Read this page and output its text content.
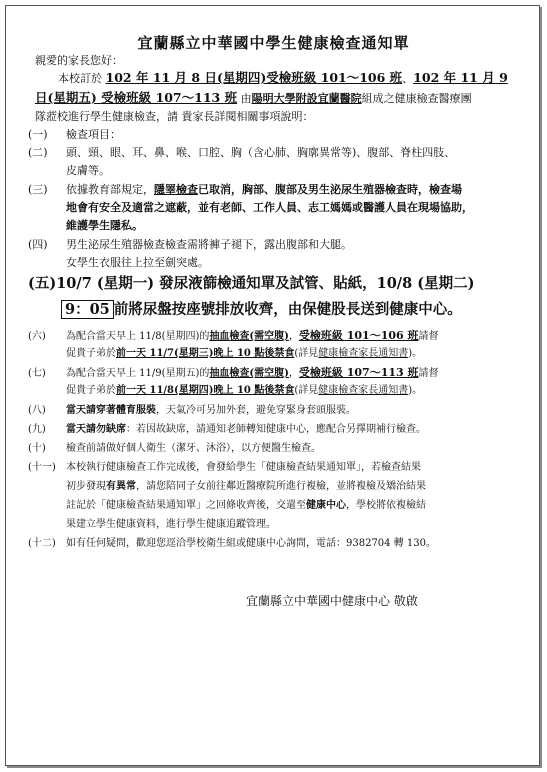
宜蘭縣立中華國中學生健康檢查通知單
親愛的家長您好：
本校訂於 102 年 11 月 8 日(星期四)受檢班級 101～106 班、102 年 11 月 9
日(星期五) 受檢班級 107～113 班 由陽明大學附設宜蘭醫院組成之健康檢查醫療團
隊蒞校進行學生健康檢查，請 貴家長詳閱相關事項說明：
(一) 檢查項目：
(二) 頭、頸、眼、耳、鼻、喉、口腔、胸（含心肺、胸廓異常等)、腹部、脊柱四肢、
皮膚等。
(三) 依據教育部規定，隱睪檢查已取消，胸部、腹部及男生泌尿生殖器檢查時，檢查場
地會有安全及適當之遮蔽，並有老師、工作人員、志工媽媽或醫護人員在現場協助，
維護學生隱私。
(四) 男生泌尿生殖器檢查檢查需將褲子褪下，露出腹部和大腿。
女學生衣服往上拉至劍突處。
(五)10/7 (星期一) 發尿液篩檢通知單及試管、貼紙，10/8 (星期二)
9：05 前將尿盤按座號排放收齊，由保健股長送到健康中心。
(六) 為配合當天早上 11/8(星期四)的抽血檢查(需空腹)，受檢班級 101～106 班請督
促貴子弟於前一天 11/7(星期三)晚上 10 點後禁食(詳見健康檢查家長通知書)。
(七) 為配合當天早上 11/9(星期五)的抽血檢查(需空腹)，受檢班級 107～113 班請督
促貴子弟於前一天 11/8(星期四)晚上 10 點後禁食(詳見健康檢查家長通知書)。
(八) 當天請穿著體育服裝，天氣冷可另加外套，避免穿緊身套頭服裝。
(九) 當天請勿缺席：若因故缺席，請通知老師轉知健康中心，應配合另擇期補行檢查。
(十) 檢查前請做好個人衛生（潔牙、沐浴），以方便醫生檢查。
(十一) 本校執行健康檢查工作完成後，會發給學生「健康檢查結果通知單」，若檢查結果
初步發現有異常，請您陪同子女前往鄰近醫療院所進行複檢，並將複檢及矯治結果
註記於「健康檢查結果通知單」之回條收齊後，交還至健康中心，學校將依複檢結
果建立學生健康資料，進行學生健康追蹤管理。
(十二) 如有任何疑問，歡迎您逕洽學校衛生組或健康中心詢問，電話：9382704 轉 130。
宜蘭縣立中華國中健康中心 敬啟
